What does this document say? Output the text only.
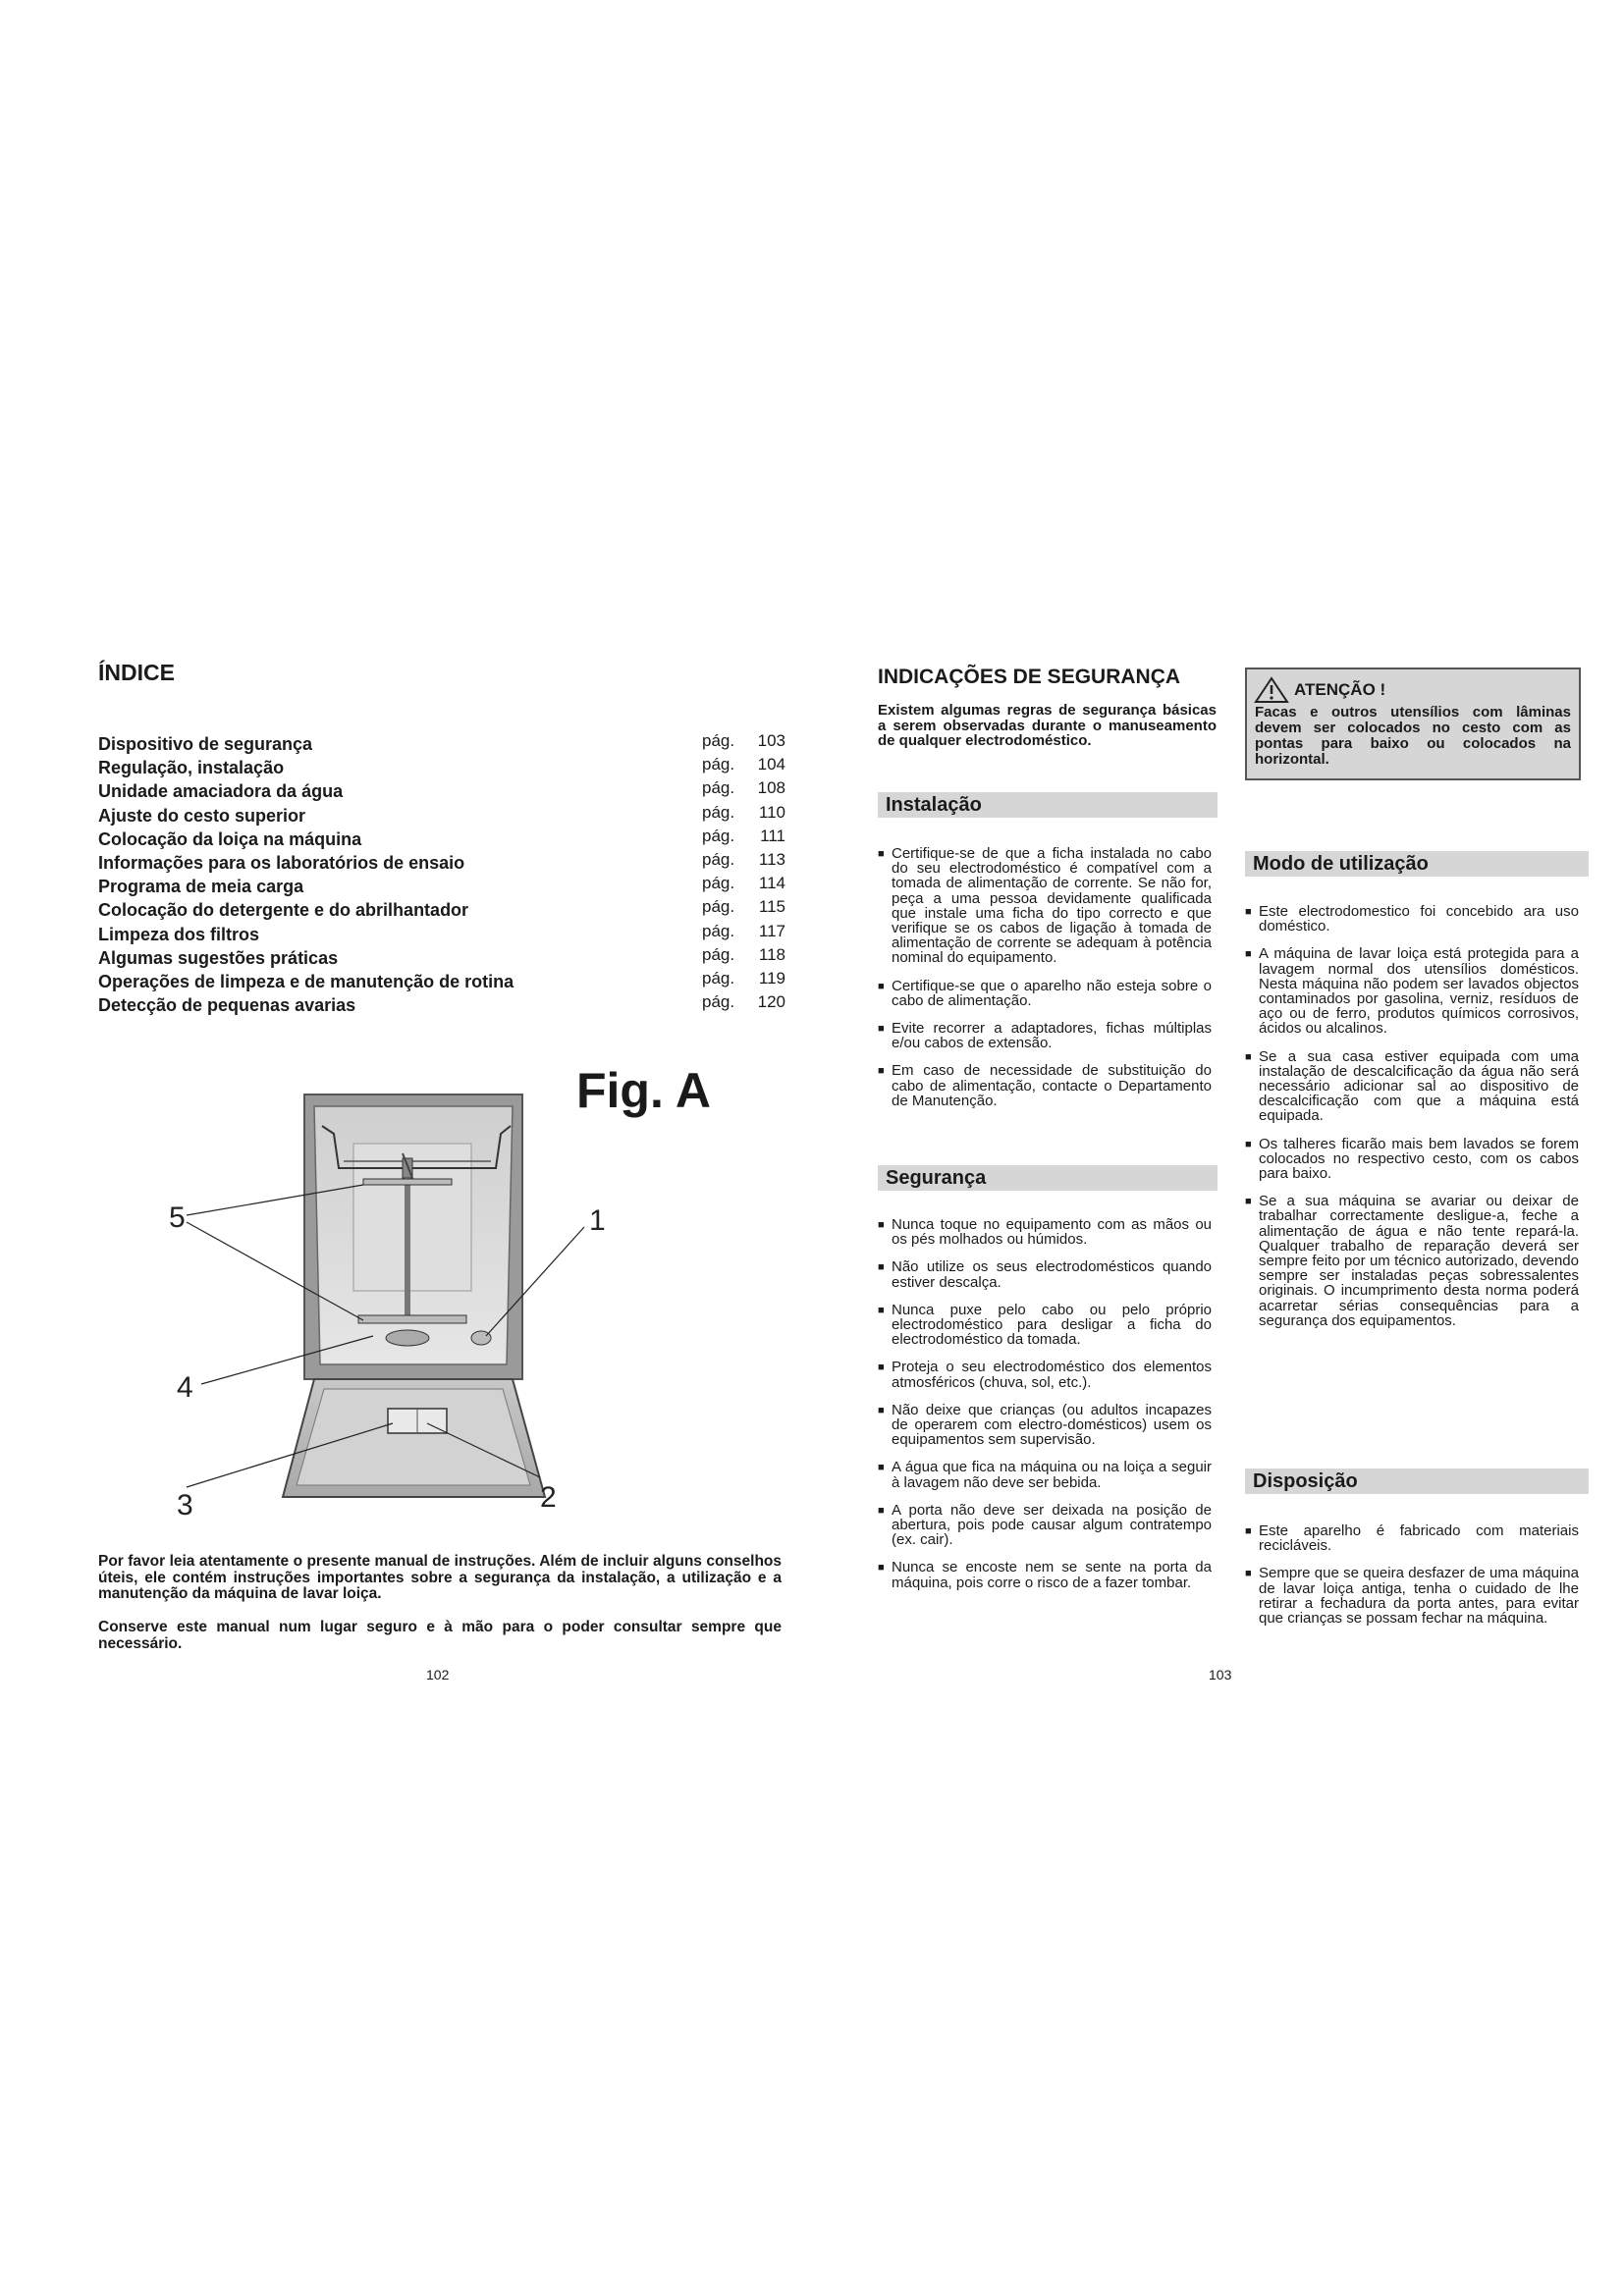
ÍNDICE
Dispositivo de segurança	pág.	103
Regulação, instalação	pág.	104
Unidade amaciadora da água	pág.	108
Ajuste do cesto superior	pág.	110
Colocação da loiça na máquina	pág.	111
Informações para os laboratórios de ensaio	pág.	113
Programa de meia carga	pág.	114
Colocação do detergente e do abrilhantador	pág.	115
Limpeza dos filtros	pág.	117
Algumas sugestões práticas	pág.	118
Operações de limpeza e de manutenção de rotina	pág.	119
Detecção de pequenas avarias	pág.	120
Fig. A
5	1
4
3	2

Por favor leia atentamente o presente manual de instruções. Além de incluir alguns conselhos úteis, ele contém instruções importantes sobre a segurança da instalação, a utilização e a manutenção da máquina de lavar loiça.

Conserve este manual num lugar seguro e à mão para o poder consultar sempre que necessário.

102
INDICAÇÕES DE SEGURANÇA

Existem algumas regras de segurança básicas a serem observadas durante o manuseamento de qualquer electrodoméstico.

Instalação
■ Certifique-se de que a ficha instalada no cabo do seu electrodoméstico é compatível com a tomada de alimentação de corrente. Se não for, peça a uma pessoa devidamente qualificada que instale uma ficha do tipo correcto e que verifique se os cabos de ligação à tomada de alimentação de corrente se adequam à potência nominal do equipamento.
■ Certifique-se que o aparelho não esteja sobre o cabo de alimentação.
■ Evite recorrer a adaptadores, fichas múltiplas e/ou cabos de extensão.
■ Em caso de necessidade de substituição do cabo de alimentação, contacte o Departamento de Manutenção.
Segurança
■ Nunca toque no equipamento com as mãos ou os pés molhados ou húmidos.
■ Não utilize os seus electrodomésticos quando estiver descalça.
■ Nunca puxe pelo cabo ou pelo próprio electrodoméstico para desligar a ficha do electrodoméstico da tomada.
■ Proteja o seu electrodoméstico dos elementos atmosféricos (chuva, sol, etc.).
■ Não deixe que crianças (ou adultos incapazes de operarem com electro-domésticos) usem os equipamentos sem supervisão.
■ A água que fica na máquina ou na loiça a seguir à lavagem não deve ser bebida.
■ A porta não deve ser deixada na posição de abertura, pois pode causar algum contratempo (ex. cair).
■ Nunca se encoste nem se sente na porta da máquina, pois corre o risco de a fazer tombar.
ATENÇÃO !
Facas e outros utensílios com lâminas devem ser colocados no cesto com as pontas para baixo ou colocados na horizontal.
Modo de utilização
■ Este electrodomestico foi concebido ara uso doméstico.
■ A máquina de lavar loiça está protegida para a lavagem normal dos utensílios domésticos. Nesta máquina não podem ser lavados objectos contaminados por gasolina, verniz, resíduos de aço ou de ferro, produtos químicos corrosivos, ácidos ou alcalinos.
■ Se a sua casa estiver equipada com uma instalação de descalcificação da água não será necessário adicionar sal ao dispositivo de descalcificação com que a máquina está equipada.
■ Os talheres ficarão mais bem lavados se forem colocados no respectivo cesto, com os cabos para baixo.
■ Se a sua máquina se avariar ou deixar de trabalhar correctamente desligue-a, feche a alimentação de água e não tente repará-la. Qualquer trabalho de reparação deverá ser sempre feito por um técnico autorizado, devendo sempre ser instaladas peças sobressalentes originais. O incumprimento desta norma poderá acarretar sérias consequências para a segurança dos equipamentos.
Disposição
■ Este aparelho é fabricado com materiais recicláveis.
■ Sempre que se queira desfazer de uma máquina de lavar loiça antiga, tenha o cuidado de lhe retirar a fechadura da porta antes, para evitar que crianças se possam fechar na máquina.
103
